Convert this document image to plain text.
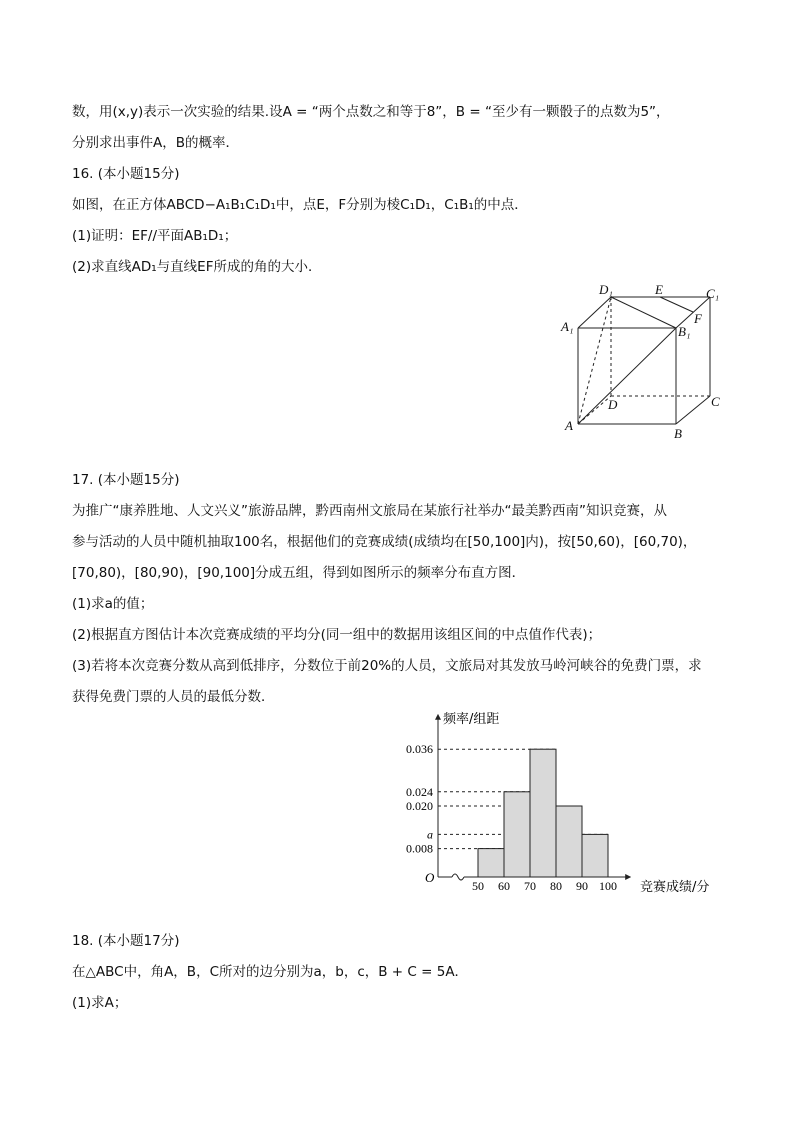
数，用(x,y)表示一次实验的结果.设A = “两个点数之和等于8”，B = “至少有一颗骰子的点数为5”，
分别求出事件A，B的概率．
16. (本小题15分)
如图，在正方体ABCD−A₁B₁C₁D₁中，点E，F分别为棱C₁D₁，C₁B₁的中点．
(1)证明：EF//平面AB₁D₁；
(2)求直线AD₁与直线EF所成的角的大小．
D₁	E	C₁
A₁	B₁
F
D	C
A
B
17. (本小题15分)
为推广“康养胜地、人文兴义”旅游品牌，黔西南州文旅局在某旅行社举办“最美黔西南”知识竞赛，从
参与活动的人员中随机抽取100名，根据他们的竞赛成绩(成绩均在[50,100]内)，按[50,60)，[60,70)，
[70,80)，[80,90)，[90,100]分成五组，得到如图所示的频率分布直方图．
(1)求a的值；
(2)根据直方图估计本次竞赛成绩的平均分(同一组中的数据用该组区间的中点值作代表)；
(3)若将本次竞赛分数从高到低排序，分数位于前20%的人员，文旅局对其发放马岭河峡谷的免费门票，求
获得免费门票的人员的最低分数．
O
频率/组距
竞赛成绩/分
0.036
0.024
0.020
a
0.008
50 60 70 80 90 100
18. (本小题17分)
在△ABC中，角A，B，C所对的边分别为a，b，c，B + C = 5A．
(1)求A；
